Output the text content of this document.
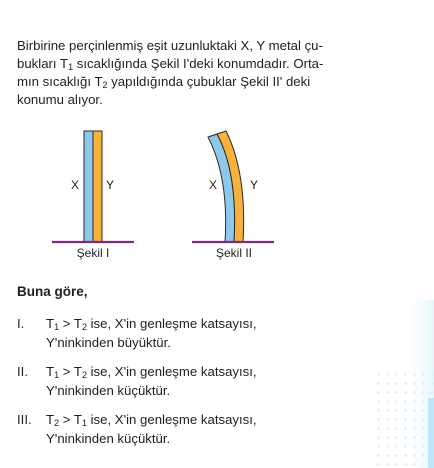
Birbirine perçinlenmiş eşit uzunluktaki X, Y metal çu-
bukları $T_1$ sıcaklığında Şekil I'deki konumdadır. Orta-
mın sıcaklığı $T_2$ yapıldığında çubuklar Şekil II' deki
konumu alıyor.

X Y
Şekil I
X	Y
Şekil II
Buna göre,
I.	$T_1 > T_2$ ise, X'in genleşme katsayısı,
Y'ninkinden büyüktür.
II.	$T_1 > T_2$ ise, X'in genleşme katsayısı,
Y'ninkinden küçüktür.
III.	$T_2 > T_1$ ise, X'in genleşme katsayısı,
Y'ninkinden küçüktür.
